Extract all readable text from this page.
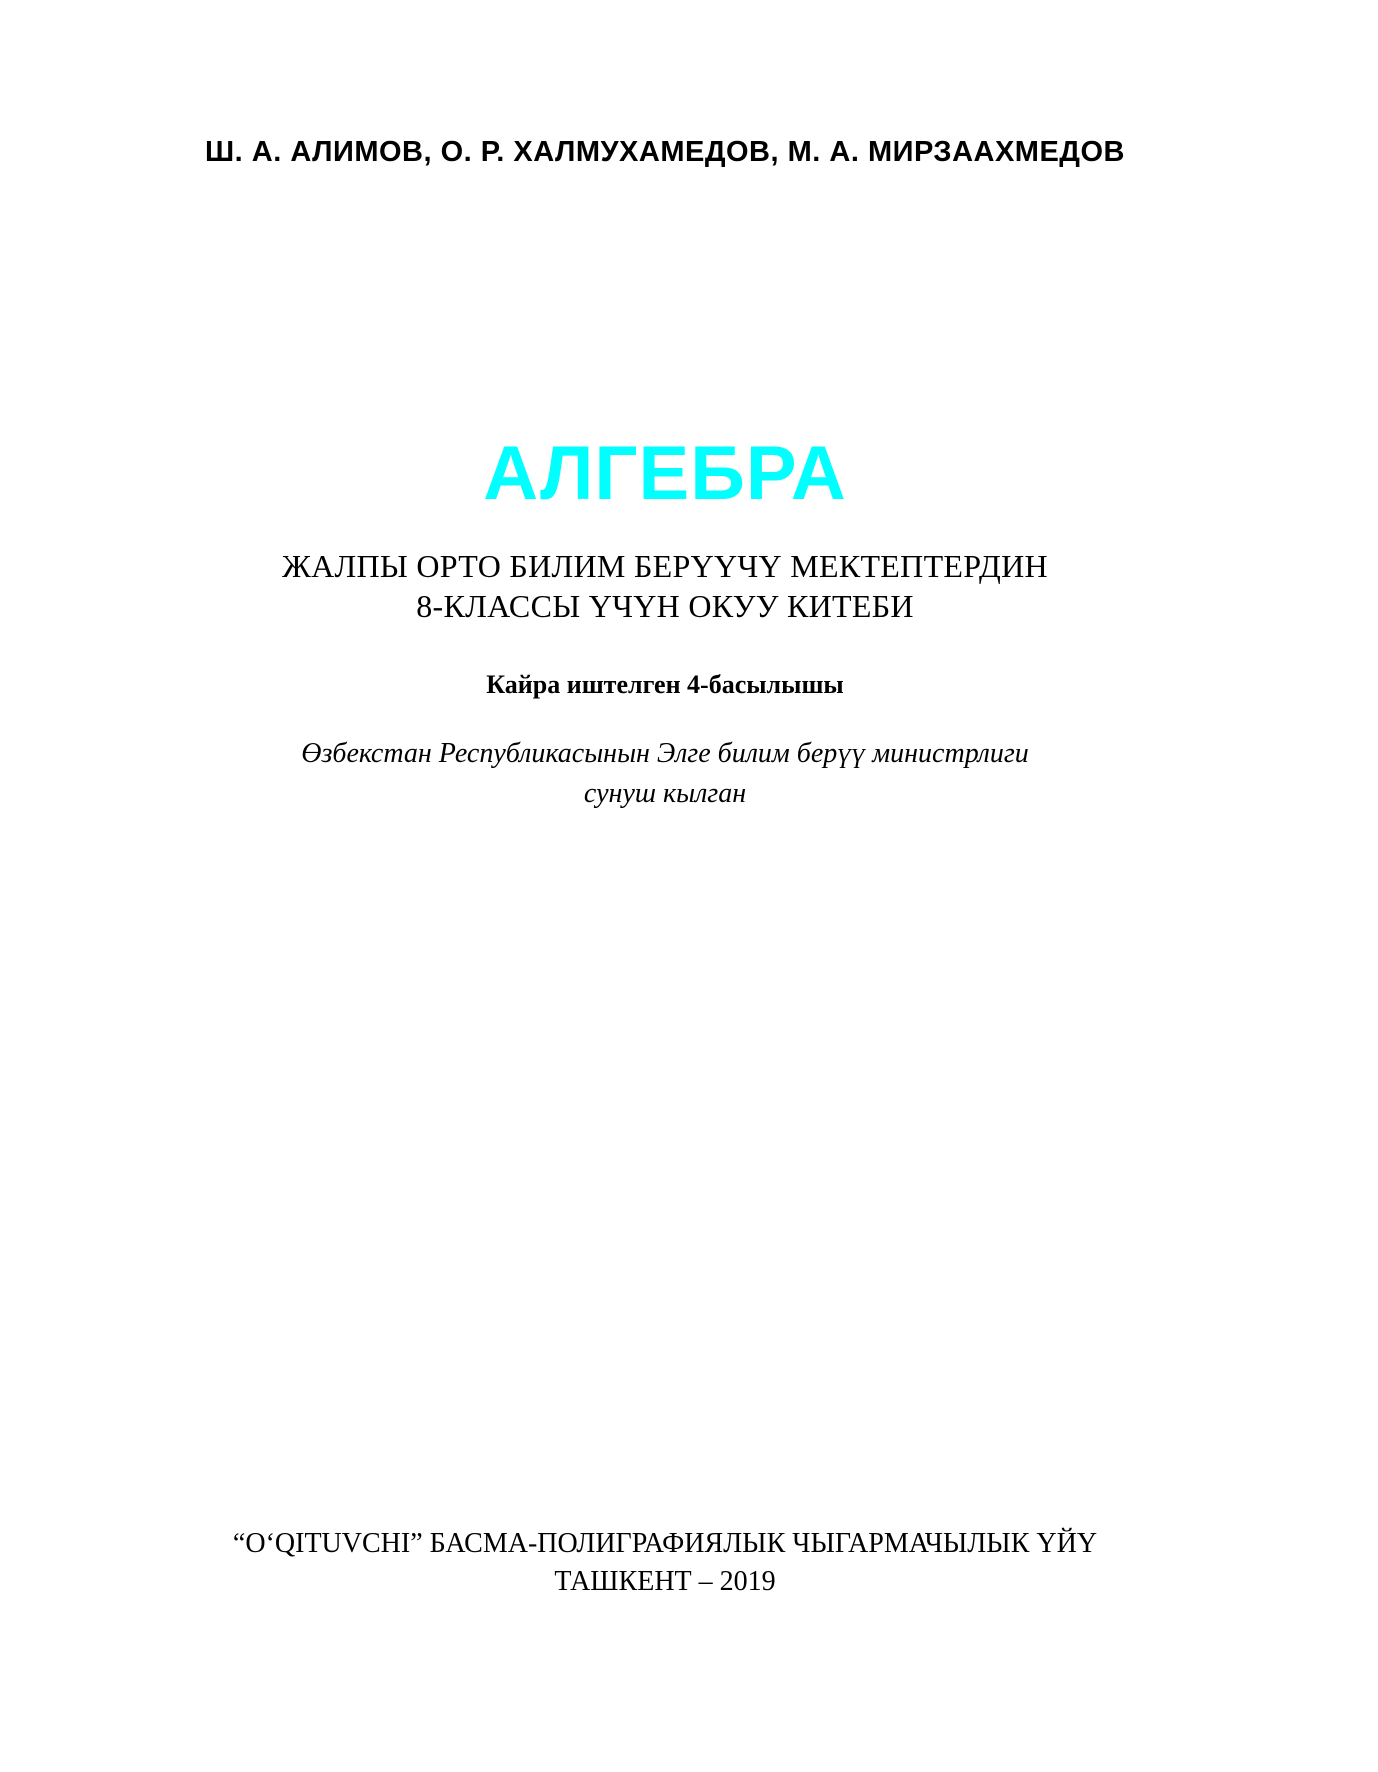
Ш. А. АЛИМОВ, О. Р. ХАЛМУХАМЕДОВ, М. А. МИРЗААХМЕДОВ
АЛГЕБРА
ЖАЛПЫ ОРТО БИЛИМ БЕРҮҮЧҮ МЕКТЕПТЕРДИН
8-КЛАССЫ ҮЧҮН ОКУУ КИТЕБИ
Кайра иштелген 4-басылышы
Өзбекстан Республикасынын Элге билим берүү министрлиги
сунуш кылган
“O‘QITUVCHI” БАСМА-ПОЛИГРАФИЯЛЫК ЧЫГАРМАЧЫЛЫК ҮЙҮ
ТАШКЕНТ – 2019
